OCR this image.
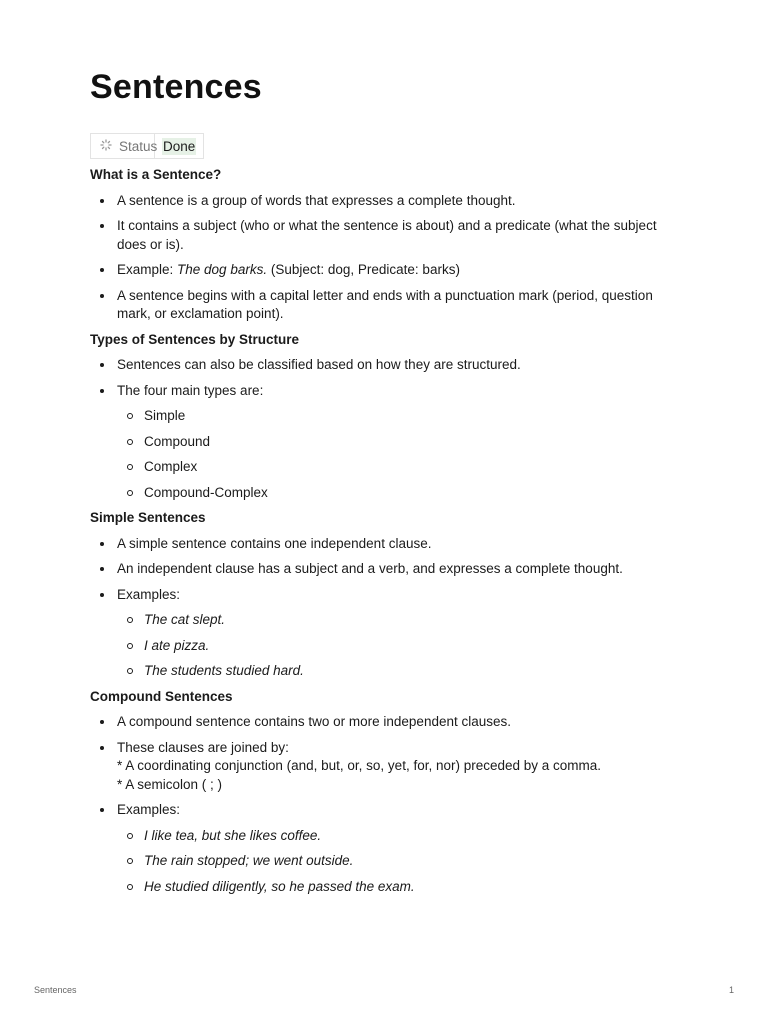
Sentences
Status Done
What is a Sentence?
A sentence is a group of words that expresses a complete thought.
It contains a subject (who or what the sentence is about) and a predicate (what the subject does or is).
Example: The dog barks. (Subject: dog, Predicate: barks)
A sentence begins with a capital letter and ends with a punctuation mark (period, question mark, or exclamation point).
Types of Sentences by Structure
Sentences can also be classified based on how they are structured.
The four main types are:
Simple
Compound
Complex
Compound-Complex
Simple Sentences
A simple sentence contains one independent clause.
An independent clause has a subject and a verb, and expresses a complete thought.
Examples:
The cat slept.
I ate pizza.
The students studied hard.
Compound Sentences
A compound sentence contains two or more independent clauses.
These clauses are joined by:
* A coordinating conjunction (and, but, or, so, yet, for, nor) preceded by a comma.
* A semicolon ( ; )
Examples:
I like tea, but she likes coffee.
The rain stopped; we went outside.
He studied diligently, so he passed the exam.
Sentences	1
